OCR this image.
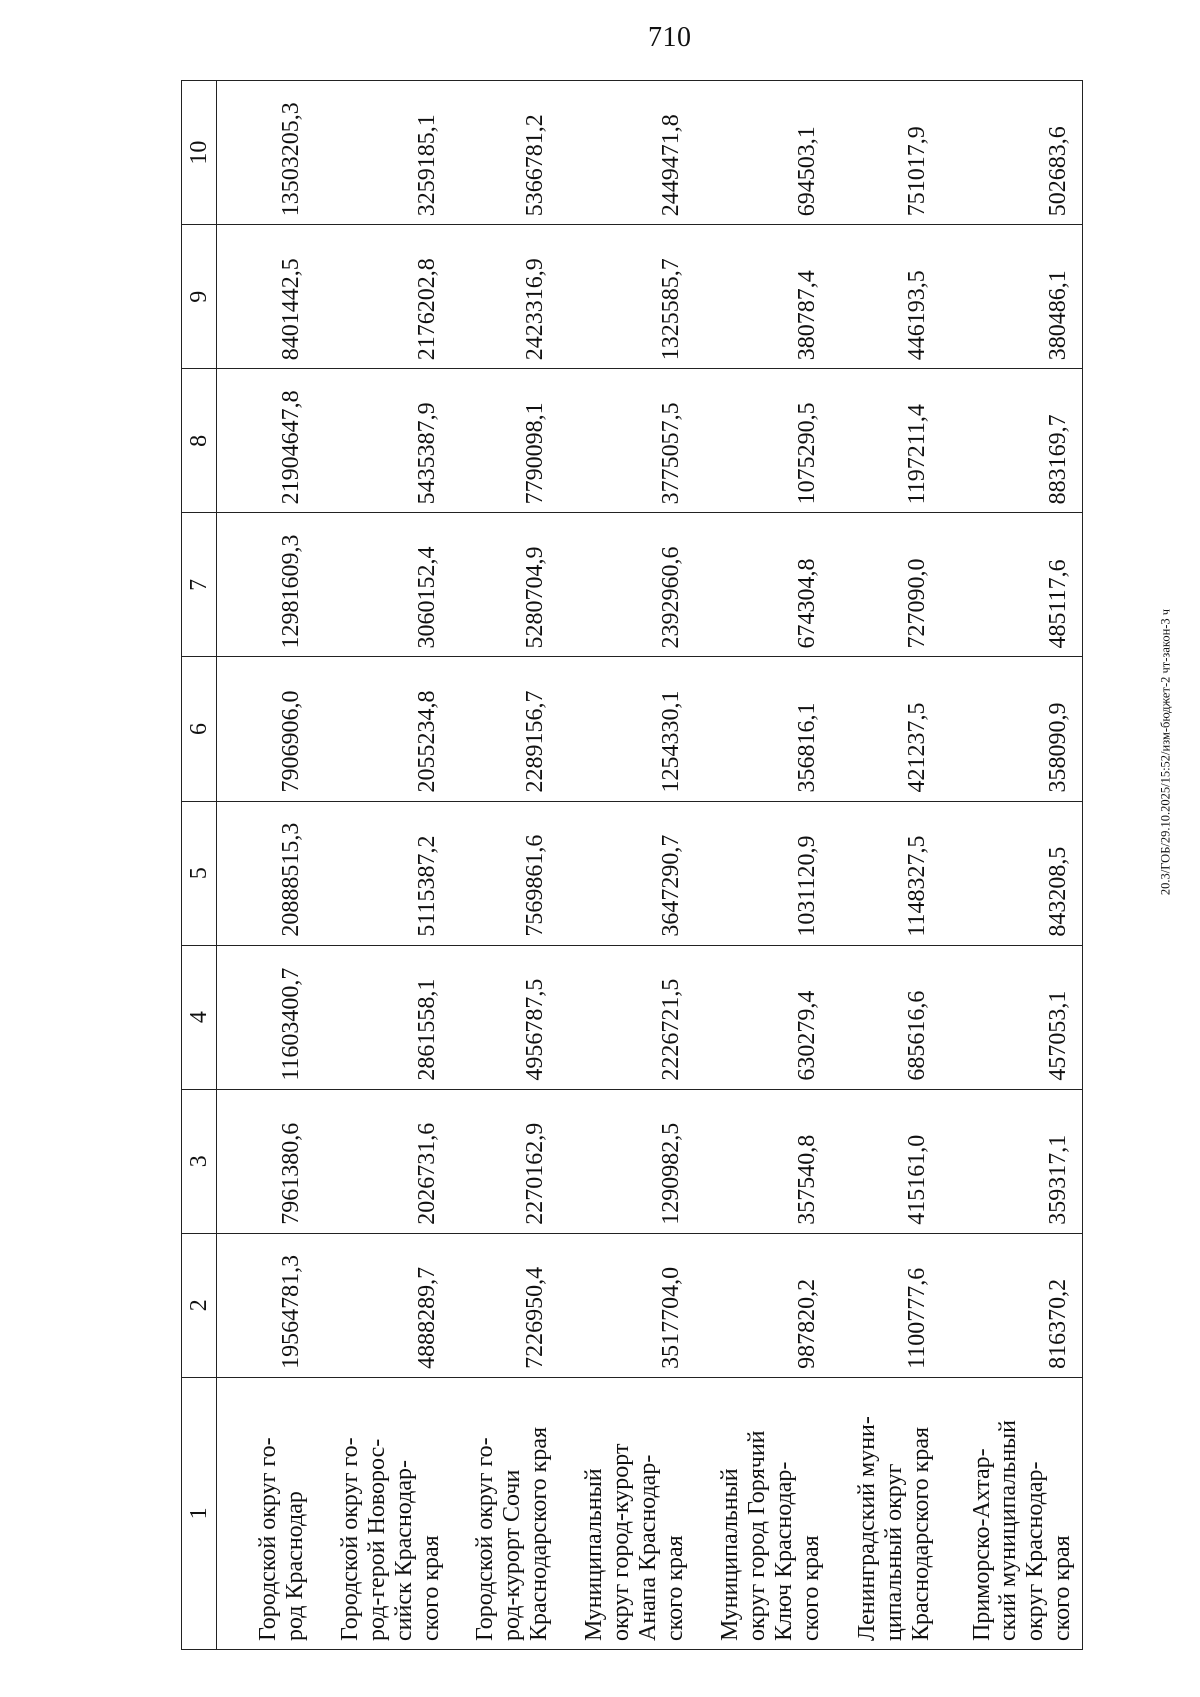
710
20.3/ГОБ/29.10.2025/15:52/изм-бюджет-2 чт-закон-3 ч
1	2	3	4	5	6	7	8	9	10

Городской округ го- род Краснодар	19564781,3	7961380,6	11603400,7	20888515,3	7906906,0	12981609,3	21904647,8	8401442,5	13503205,3

Городской округ го- род-герой Новорос- сийск Краснодар- ского края	4888289,7	2026731,6	2861558,1	5115387,2	2055234,8	3060152,4	5435387,9	2176202,8	3259185,1

Городской округ го- род-курорт Сочи Краснодарского края	7226950,4	2270162,9	4956787,5	7569861,6	2289156,7	5280704,9	7790098,1	2423316,9	5366781,2

Муниципальный округ город-курорт Анапа Краснодар- ского края	3517704,0	1290982,5	2226721,5	3647290,7	1254330,1	2392960,6	3775057,5	1325585,7	2449471,8

Муниципальный округ город Горячий Ключ Краснодар- ского края	987820,2	357540,8	630279,4	1031120,9	356816,1	674304,8	1075290,5	380787,4	694503,1

Ленинградский муни- ципальный округ Краснодарского края	1100777,6	415161,0	685616,6	1148327,5	421237,5	727090,0	1197211,4	446193,5	751017,9

Приморско-Ахтар- ский муниципальный округ Краснодар- ского края	816370,2	359317,1	457053,1	843208,5	358090,9	485117,6	883169,7	380486,1	502683,6
